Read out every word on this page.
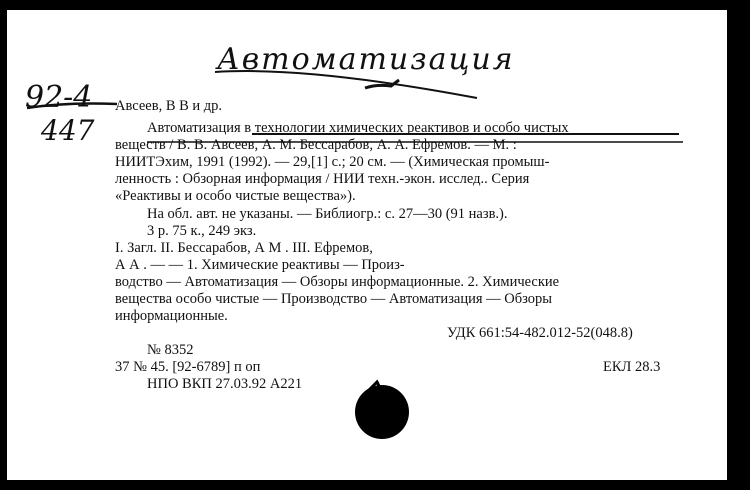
Автоматизация
92-4
447
Авсеев, В В и др.
Автоматизация в технологии химических реактивов и особо чистых
веществ / В. В. Авсеев, А. М. Бессарабов, А. А. Ефремов. — М. :
НИИТЭхим, 1991 (1992). — 29,[1] с.; 20 см. — (Химическая промыш-
ленность : Обзорная информация / НИИ техн.-экон. исслед.. Серия
«Реактивы и особо чистые вещества»).
На обл. авт. не указаны. — Библиогр.: с. 27—30 (91 назв.).
3 р. 75 к., 249 экз.
I. Загл. II. Бессарабов, А М . III. Ефремов,
А А . — — 1. Химические реактивы — Произ-
водство — Автоматизация — Обзоры информационные. 2. Химические
вещества особо чистые — Производство — Автоматизация — Обзоры
информационные.
УДК 661:54-482.012-52(048.8)
№ 8352
37 № 45. [92-6789] п оп	ЕКЛ 28.3
НПО ВКП 27.03.92 А221
